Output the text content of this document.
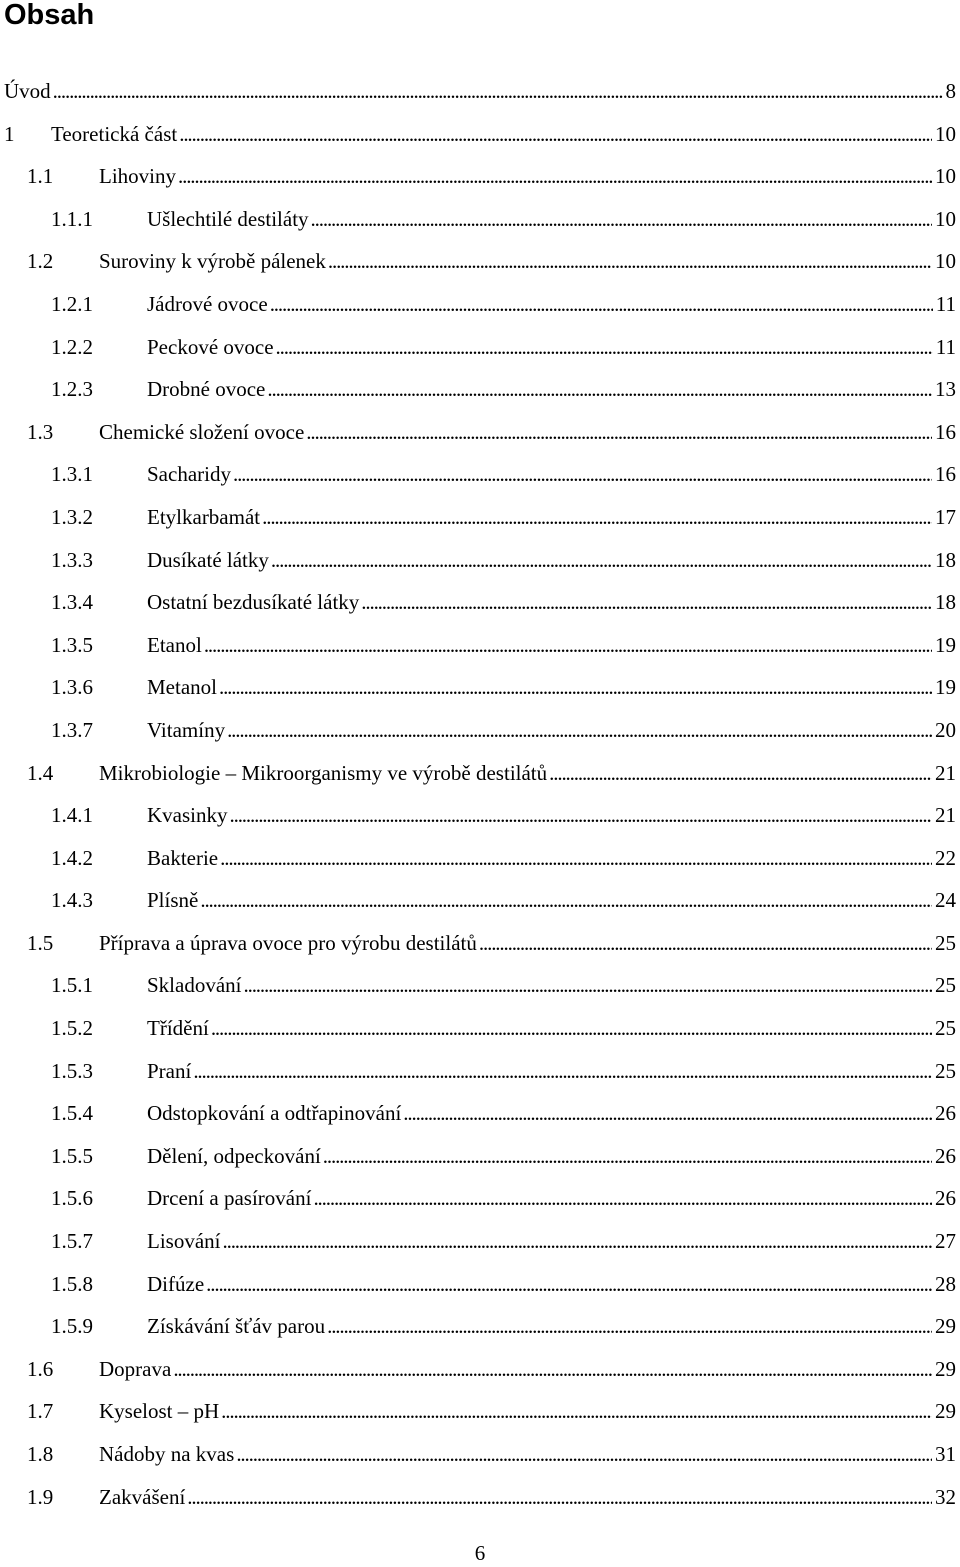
Obsah
Úvod . . .	8
1 Teoretická část . . .	10
1.1 Lihoviny . . .	10
1.1.1	Ušlechtilé destiláty . . .	10
1.2 Suroviny k výrobě pálenek . . .	10
1.2.1	Jádrové ovoce . . .	11
1.2.2	Peckové ovoce . . .	11
1.2.3	Drobné ovoce . . .	13
1.3 Chemické složení ovoce . . .	16
1.3.1	Sacharidy . . .	16
1.3.2	Etylkarbamát . . .	17
1.3.3	Dusíkaté látky . . .	18
1.3.4	Ostatní bezdusíkaté látky . . .	18
1.3.5	Etanol . . .	19
1.3.6	Metanol . . .	19
1.3.7	Vitamíny . . .	20
1.4 Mikrobiologie – Mikroorganismy ve výrobě destilátů . . .	21
1.4.1	Kvasinky . . .	21
1.4.2	Bakterie . . .	22
1.4.3	Plísně . . .	24
1.5 Příprava a úprava ovoce pro výrobu destilátů . . .	25
1.5.1	Skladování . . .	25
1.5.2	Třídění . . .	25
1.5.3	Praní . . .	25
1.5.4	Odstopkování a odtřapinování . . .	26
1.5.5	Dělení, odpeckování . . .	26
1.5.6	Drcení a pasírování . . .	26
1.5.7	Lisování . . .	27
1.5.8	Difúze . . .	28
1.5.9	Získávání šťáv parou . . .	29
1.6 Doprava . . .	29
1.7 Kyselost – pH . . .	29
1.8 Nádoby na kvas . . .	31
1.9 Zakvášení . . .	32
6
